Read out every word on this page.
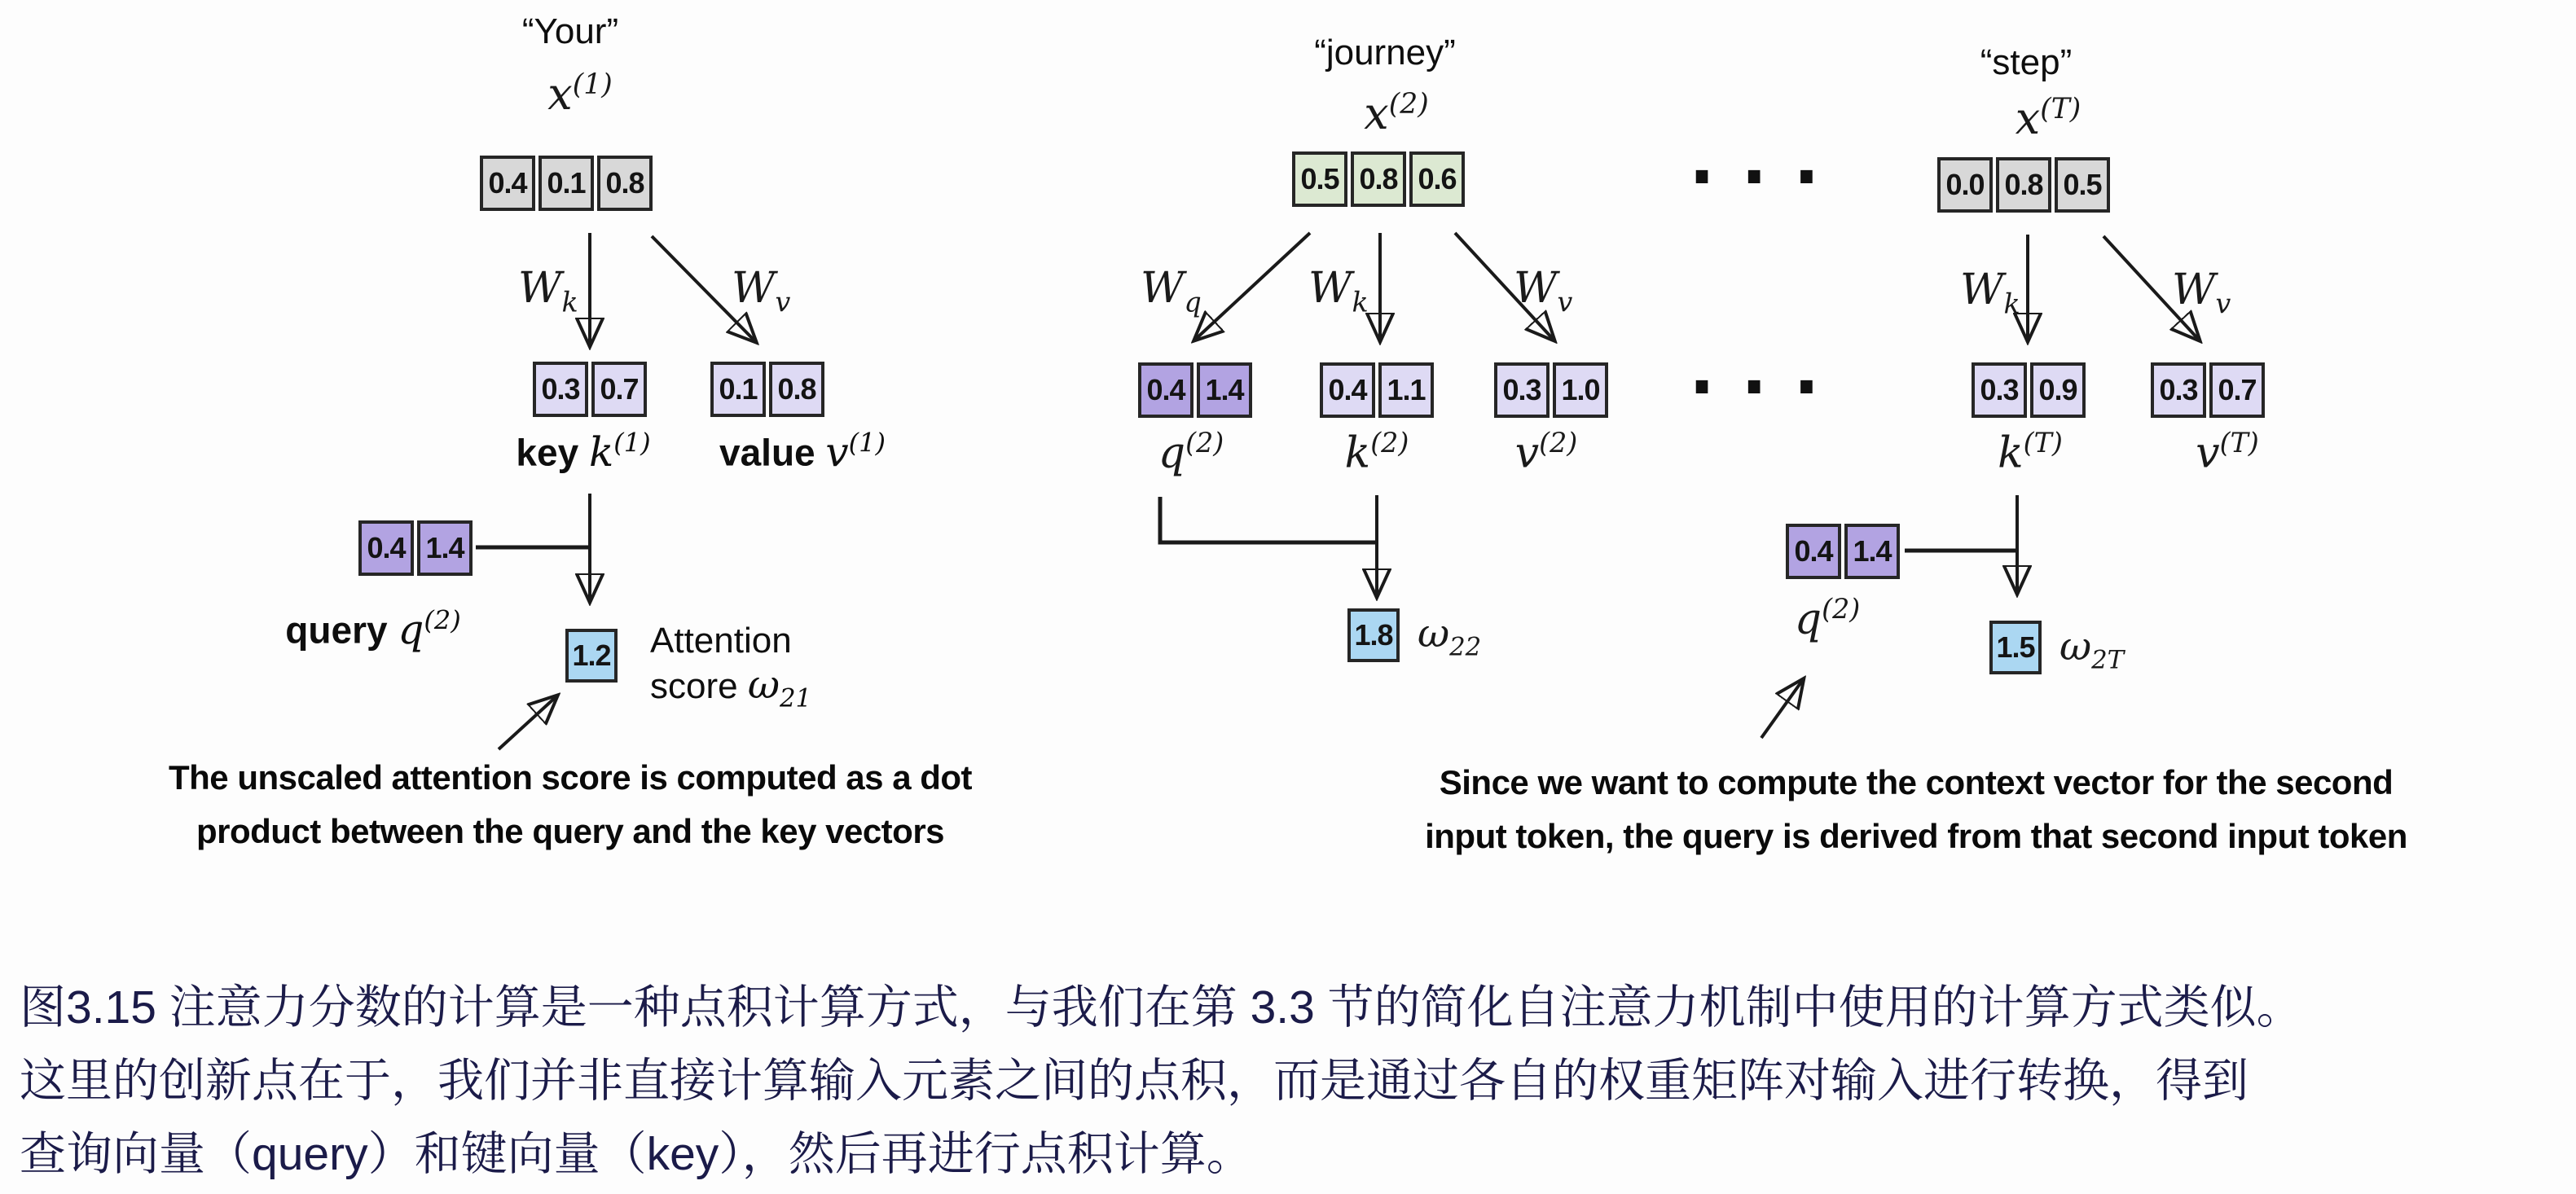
“Your”
$x^{(1)}$
0.4 0.1 0.8
$W_k$	$W_v$
0.3 0.7	0.1 0.8
key $k^{(1)}$ value $v^{(1)}$
0.4 1.4
query $q^{(2)}$
1.2 Attention
score $\omega_{21}$
The unscaled attention score is computed as a dot
product between the query and the key vectors
“journey”
$x^{(2)}$
0.5 0.8 0.6	...
...
$W_q$	$W_k$	$W_v$
0.4 1.4	0.4 1.1	0.3 1.0
$q^{(2)}$	$k^{(2)}$	$v^{(2)}$
1.8 $\omega_{22}$
“step”
$x^{(T)}$
0.0 0.8 0.5
$W_k$	$W_v$
0.3 0.9	0.3 0.7
$k^{(T)}$	$v^{(T)}$
0.4 1.4
$q^{(2)}$
1.5 $\omega_{2T}$
Since we want to compute the context vector for the second
input token, the query is derived from that second input token
图3.15 注意力分数的计算是一种点积计算方式，与我们在第 3.3 节的简化自注意力机制中使用的计算方式类似。
这里的创新点在于，我们并非直接计算输入元素之间的点积，而是通过各自的权重矩阵对输入进行转换，得到
查询向量（query）和键向量（key），然后再进行点积计算。
